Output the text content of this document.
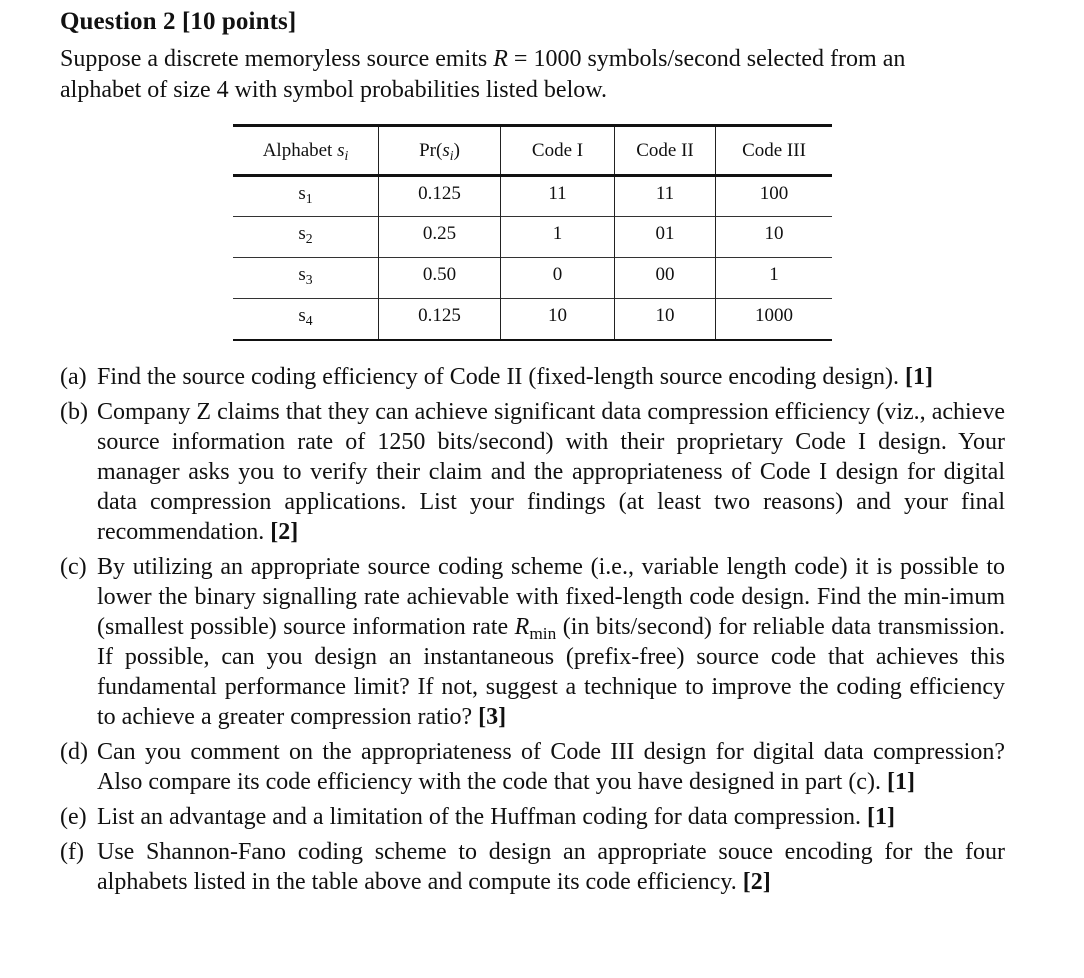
Question 2 [10 points]
Suppose a discrete memoryless source emits R = 1000 symbols/second selected from an
alphabet of size 4 with symbol probabilities listed below.
Alphabet $s_i$	$Pr(s_i)$	Code I	Code II	Code III
$s_1$	0.125	11	11	100
$s_2$	0.25	1	01	10
$s_3$	0.50	0	00	1
$s_4$	0.125	10	10	1000
(a) Find the source coding efficiency of Code II (fixed-length source encoding design). [1]
(b) Company Z claims that they can achieve significant data compression efficiency (viz., achieve source information rate of 1250 bits/second) with their proprietary Code I design. Your manager asks you to verify their claim and the appropriateness of Code I design for digital data compression applications. List your findings (at least two reasons) and your final recommendation. [2]
(c) By utilizing an appropriate source coding scheme (i.e., variable length code) it is possible to lower the binary signalling rate achievable with fixed-length code design. Find the min-imum (smallest possible) source information rate $R_{min}$ (in bits/second) for reliable data transmission. If possible, can you design an instantaneous (prefix-free) source code that achieves this fundamental performance limit? If not, suggest a technique to improve the coding efficiency to achieve a greater compression ratio? [3]
(d) Can you comment on the appropriateness of Code III design for digital data compression? Also compare its code efficiency with the code that you have designed in part (c). [1]
(e) List an advantage and a limitation of the Huffman coding for data compression. [1]
(f) Use Shannon-Fano coding scheme to design an appropriate souce encoding for the four alphabets listed in the table above and compute its code efficiency. [2]
